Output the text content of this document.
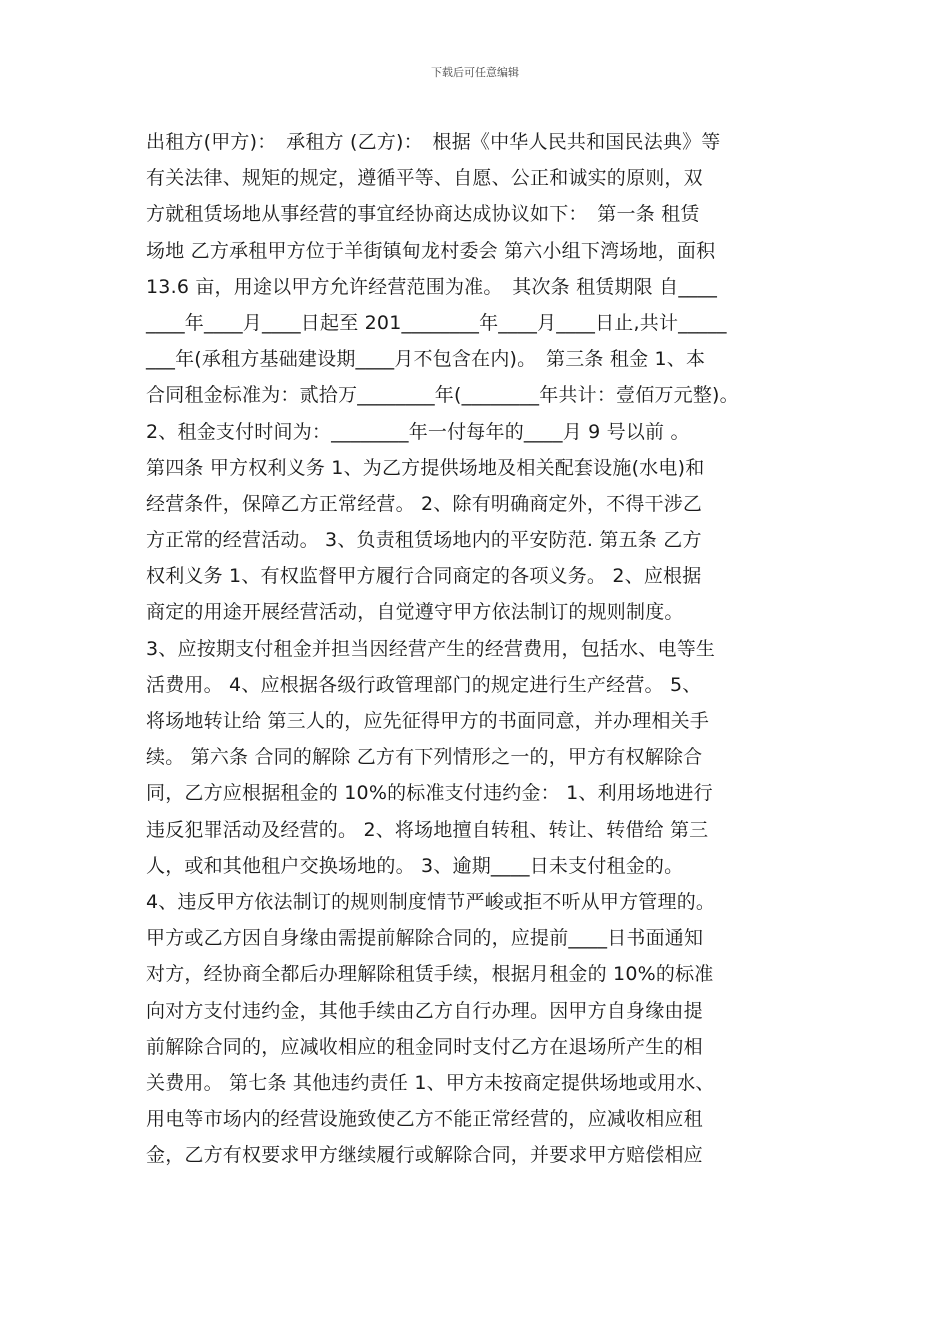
下载后可任意编辑
出租方(甲方)：　承租方 (乙方)：　根据《中华人民共和国民法典》等
有关法律、规矩的规定，遵循平等、自愿、公正和诚实的原则，双
方就租赁场地从事经营的事宜经协商达成协议如下：　第一条 租赁
场地 乙方承租甲方位于羊街镇甸龙村委会 第六小组下湾场地，面积
13.6 亩，用途以甲方允许经营范围为准。　其次条 租赁期限 自____
____年____月____日起至 201________年____月____日止,共计_____
___年(承租方基础建设期____月不包含在内)。　第三条 租金 1、本
合同租金标准为：贰拾万________年(________年共计：壹佰万元整)。
2、租金支付时间为：________年一付每年的____月 9 号以前 。
第四条 甲方权利义务 1、为乙方提供场地及相关配套设施(水电)和
经营条件，保障乙方正常经营。 2、除有明确商定外，不得干涉乙
方正常的经营活动。 3、负责租赁场地内的平安防范. 第五条 乙方
权利义务 1、有权监督甲方履行合同商定的各项义务。 2、应根据
商定的用途开展经营活动，自觉遵守甲方依法制订的规则制度。
3、应按期支付租金并担当因经营产生的经营费用，包括水、电等生
活费用。 4、应根据各级行政管理部门的规定进行生产经营。 5、
将场地转让给 第三人的，应先征得甲方的书面同意，并办理相关手
续。 第六条 合同的解除 乙方有下列情形之一的，甲方有权解除合
同，乙方应根据租金的 10%的标准支付违约金： 1、利用场地进行
违反犯罪活动及经营的。 2、将场地擅自转租、转让、转借给 第三
人，或和其他租户交换场地的。 3、逾期____日未支付租金的。
4、违反甲方依法制订的规则制度情节严峻或拒不听从甲方管理的。
甲方或乙方因自身缘由需提前解除合同的，应提前____日书面通知
对方，经协商全都后办理解除租赁手续，根据月租金的 10%的标准
向对方支付违约金，其他手续由乙方自行办理。因甲方自身缘由提
前解除合同的，应减收相应的租金同时支付乙方在退场所产生的相
关费用。 第七条 其他违约责任 1、甲方未按商定提供场地或用水、
用电等市场内的经营设施致使乙方不能正常经营的，应减收相应租
金，乙方有权要求甲方继续履行或解除合同，并要求甲方赔偿相应
